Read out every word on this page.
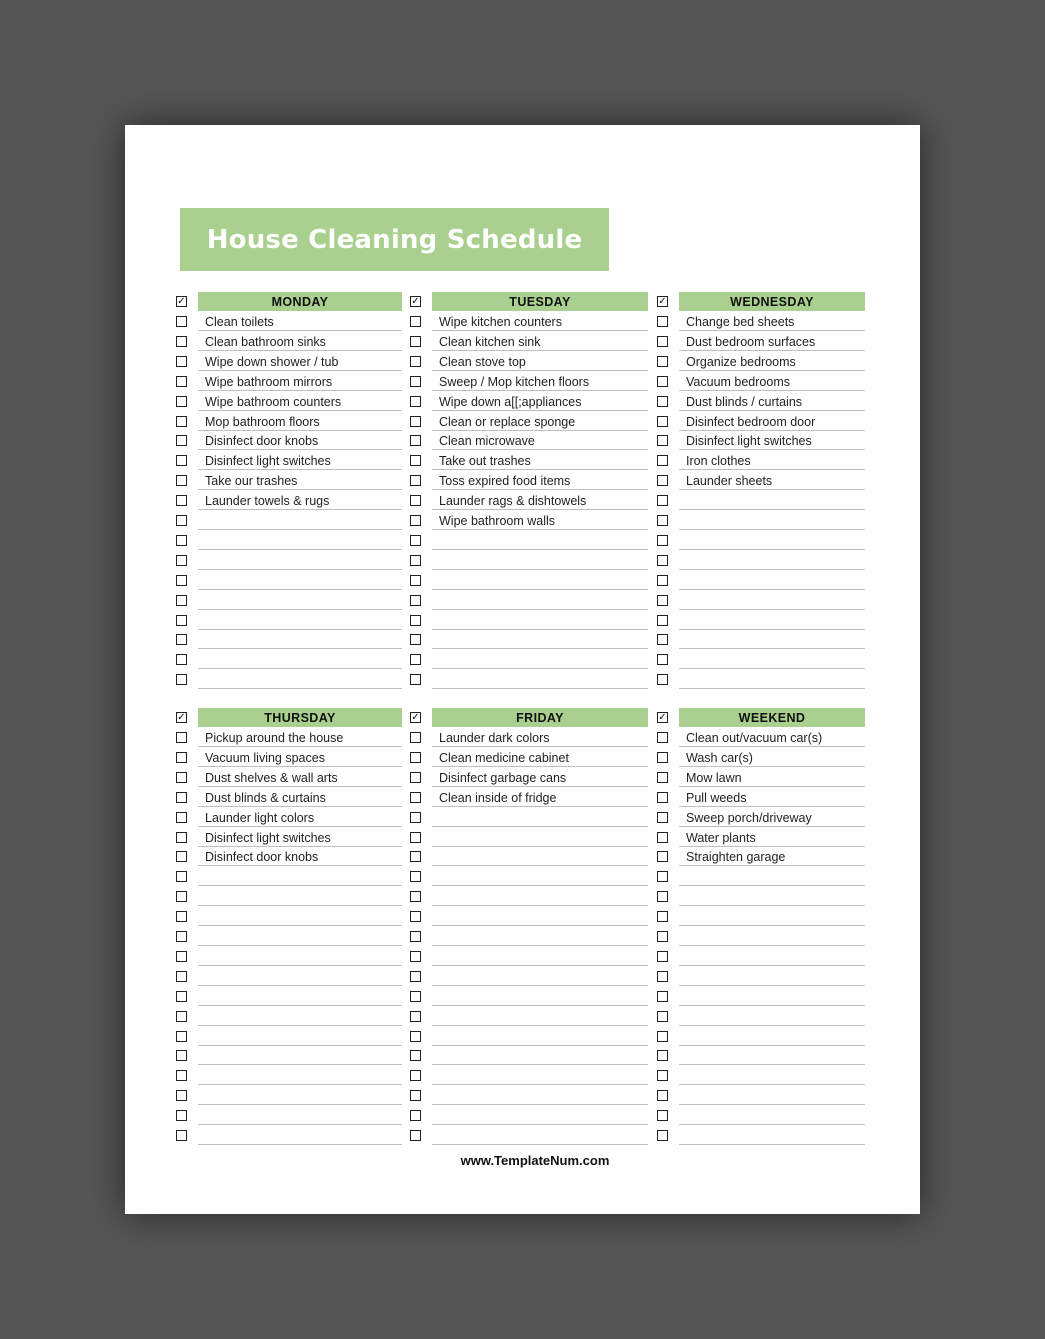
House Cleaning Schedule
✓	MONDAY
Clean toilets
Clean bathroom sinks
Wipe down shower / tub
Wipe bathroom mirrors
Wipe bathroom counters
Mop bathroom floors
Disinfect door knobs
Disinfect light switches
Take our trashes
Launder towels & rugs
✓	TUESDAY
Wipe kitchen counters
Clean kitchen sink
Clean stove top
Sweep / Mop kitchen floors
Wipe down a[[;appliances
Clean or replace sponge
Clean microwave
Take out trashes
Toss expired food items
Launder rags & dishtowels
Wipe bathroom walls
✓	WEDNESDAY
Change bed sheets
Dust bedroom surfaces
Organize bedrooms
Vacuum bedrooms
Dust blinds / curtains
Disinfect bedroom door
Disinfect light switches
Iron clothes
Launder sheets
✓	THURSDAY
Pickup around the house
Vacuum living spaces
Dust shelves & wall arts
Dust blinds & curtains
Launder light colors
Disinfect light switches
Disinfect door knobs
✓	FRIDAY
Launder dark colors
Clean medicine cabinet
Disinfect garbage cans
Clean inside of fridge
✓	WEEKEND
Clean out/vacuum car(s)
Wash car(s)
Mow lawn
Pull weeds
Sweep porch/driveway
Water plants
Straighten garage
www.TemplateNum.com
